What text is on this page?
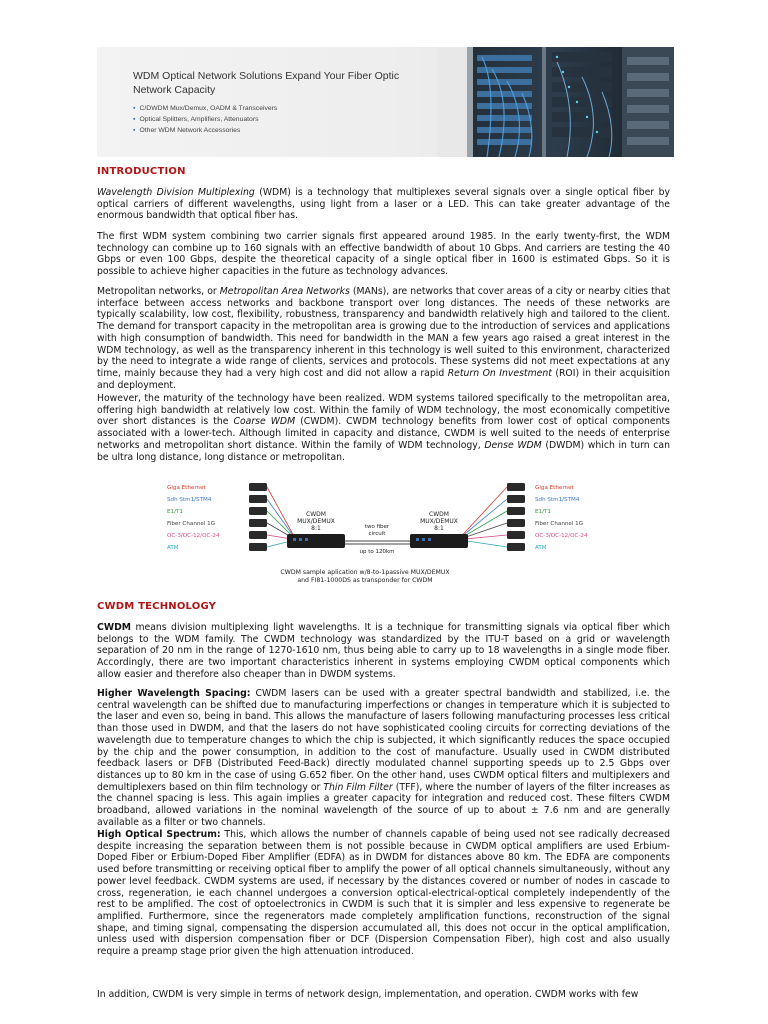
WDM Optical Network Solutions Expand Your Fiber Optic
Network Capacity
▪ C/DWDM Mux/Demux, OADM & Transceivers
▪ Optical Splitters, Amplifiers, Attenuators
▪ Other WDM Network Accessories
INTRODUCTION

Wavelength Division Multiplexing (WDM) is a technology that multiplexes several signals over a single optical fiber by optical carriers of different wavelengths, using light from a laser or a LED. This can take greater advantage of the enormous bandwidth that optical fiber has.

The first WDM system combining two carrier signals first appeared around 1985. In the early twenty-first, the WDM technology can combine up to 160 signals with an effective bandwidth of about 10 Gbps. And carriers are testing the 40 Gbps or even 100 Gbps, despite the theoretical capacity of a single optical fiber in 1600 is estimated Gbps. So it is possible to achieve higher capacities in the future as technology advances.

Metropolitan networks, or Metropolitan Area Networks (MANs), are networks that cover areas of a city or nearby cities that interface between access networks and backbone transport over long distances. The needs of these networks are typically scalability, low cost, flexibility, robustness, transparency and bandwidth relatively high and tailored to the client. The demand for transport capacity in the metropolitan area is growing due to the introduction of services and applications with high consumption of bandwidth. This need for bandwidth in the MAN a few years ago raised a great interest in the WDM technology, as well as the transparency inherent in this technology is well suited to this environment, characterized by the need to integrate a wide range of clients, services and protocols. These systems did not meet expectations at any time, mainly because they had a very high cost and did not allow a rapid Return On Investment (ROI) in their acquisition and deployment.

However, the maturity of the technology have been realized. WDM systems tailored specifically to the metropolitan area, offering high bandwidth at relatively low cost. Within the family of WDM technology, the most economically competitive over short distances is the Coarse WDM (CWDM). CWDM technology benefits from lower cost of optical components associated with a lower-tech. Although limited in capacity and distance, CWDM is well suited to the needs of enterprise networks and metropolitan short distance. Within the family of WDM technology, Dense WDM (DWDM) which in turn can be ultra long distance, long distance or metropolitan.

Giga Ethernet
Sdh Stm1/STM4
E1/T1
Fiber Channel 1G
OC-3/OC-12/OC-24
ATM
Giga Ethernet
Sdh Stm1/STM4
E1/T1
Fiber Channel 1G
OC-3/OC-12/OC-24
ATM
CWDM
MUX/DEMUX
8:1
CWDM
MUX/DEMUX
8:1
two fiber
circuit
up to 120km
CWDM sample aplication w/8-to-1passive MUX/DEMUX
and FI81-1000DS as transponder for CWDM
CWDM TECHNOLOGY

CWDM means division multiplexing light wavelengths. It is a technique for transmitting signals via optical fiber which belongs to the WDM family. The CWDM technology was standardized by the ITU-T based on a grid or wavelength separation of 20 nm in the range of 1270-1610 nm, thus being able to carry up to 18 wavelengths in a single mode fiber. Accordingly, there are two important characteristics inherent in systems employing CWDM optical components which allow easier and therefore also cheaper than in DWDM systems.

Higher Wavelength Spacing: CWDM lasers can be used with a greater spectral bandwidth and stabilized, i.e. the central wavelength can be shifted due to manufacturing imperfections or changes in temperature which it is subjected to the laser and even so, being in band. This allows the manufacture of lasers following manufacturing processes less critical than those used in DWDM, and that the lasers do not have sophisticated cooling circuits for correcting deviations of the wavelength due to temperature changes to which the chip is subjected, it which significantly reduces the space occupied by the chip and the power consumption, in addition to the cost of manufacture. Usually used in CWDM distributed feedback lasers or DFB (Distributed Feed-Back) directly modulated channel supporting speeds up to 2.5 Gbps over distances up to 80 km in the case of using G.652 fiber. On the other hand, uses CWDM optical filters and multiplexers and demultiplexers based on thin film technology or Thin Film Filter (TFF), where the number of layers of the filter increases as the channel spacing is less. This again implies a greater capacity for integration and reduced cost. These filters CWDM broadband, allowed variations in the nominal wavelength of the source of up to about ± 7.6 nm and are generally available as a filter or two channels.

High Optical Spectrum: This, which allows the number of channels capable of being used not see radically decreased despite increasing the separation between them is not possible because in CWDM optical amplifiers are used Erbium-Doped Fiber or Erbium-Doped Fiber Amplifier (EDFA) as in DWDM for distances above 80 km. The EDFA are components used before transmitting or receiving optical fiber to amplify the power of all optical channels simultaneously, without any power level feedback. CWDM systems are used, if necessary by the distances covered or number of nodes in cascade to cross, regeneration, ie each channel undergoes a conversion optical-electrical-optical completely independently of the rest to be amplified. The cost of optoelectronics in CWDM is such that it is simpler and less expensive to regenerate be amplified. Furthermore, since the regenerators made completely amplification functions, reconstruction of the signal shape, and timing signal, compensating the dispersion accumulated all, this does not occur in the optical amplification, unless used with dispersion compensation fiber or DCF (Dispersion Compensation Fiber), high cost and also usually require a preamp stage prior given the high attenuation introduced.

In addition, CWDM is very simple in terms of network design, implementation, and operation. CWDM works with few
